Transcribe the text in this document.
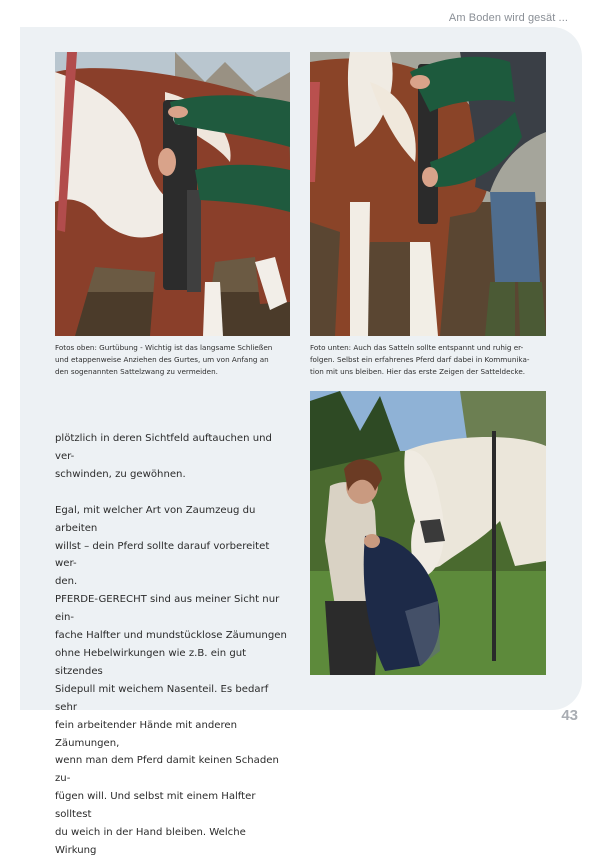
Am Boden wird gesät ...
Fotos oben: Gurtübung - Wichtig ist das langsame Schließen
und etappenweise Anziehen des Gurtes, um von Anfang an
den sogenannten Sattelzwang zu vermeiden.
Foto unten: Auch das Satteln sollte entspannt und ruhig er-
folgen. Selbst ein erfahrenes Pferd darf dabei in Kommunika-
tion mit uns bleiben. Hier das erste Zeigen der Satteldecke.

plötzlich in deren Sichtfeld auftauchen und ver-

schwinden, zu gewöhnen.

Egal, mit welcher Art von Zaumzeug du arbeiten

willst – dein Pferd sollte darauf vorbereitet wer-

den.

PFERDE-GERECHT sind aus meiner Sicht nur ein-

fache Halfter und mundstücklose Zäumungen

ohne Hebelwirkungen wie z.B. ein gut sitzendes

Sidepull mit weichem Nasenteil. Es bedarf sehr

fein arbeitender Hände mit anderen Zäumungen,

wenn man dem Pferd damit keinen Schaden zu-

fügen will. Und selbst mit einem Halfter solltest

du weich in der Hand bleiben. Welche Wirkung

43
